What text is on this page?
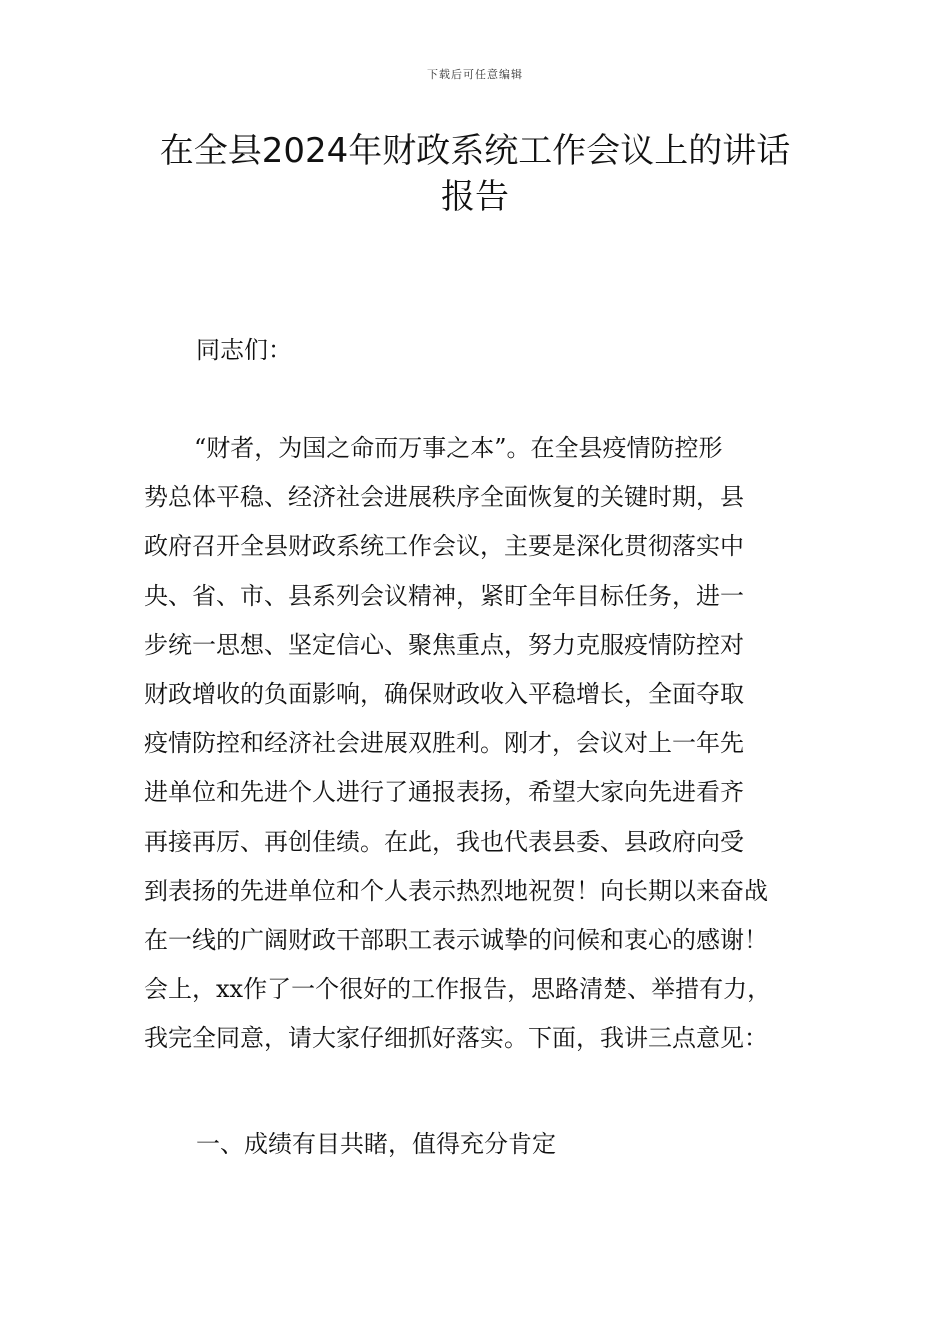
下载后可任意编辑
在全县2024年财政系统工作会议上的讲话
报告
同志们：
“财者，为国之命而万事之本”。在全县疫情防控形
势总体平稳、经济社会进展秩序全面恢复的关键时期，县
政府召开全县财政系统工作会议，主要是深化贯彻落实中
央、省、市、县系列会议精神，紧盯全年目标任务，进一
步统一思想、坚定信心、聚焦重点，努力克服疫情防控对
财政增收的负面影响，确保财政收入平稳增长，全面夺取
疫情防控和经济社会进展双胜利。刚才，会议对上一年先
进单位和先进个人进行了通报表扬，希望大家向先进看齐
再接再厉、再创佳绩。在此，我也代表县委、县政府向受
到表扬的先进单位和个人表示热烈地祝贺！向长期以来奋战
在一线的广阔财政干部职工表示诚挚的问候和衷心的感谢！
会上，xx作了一个很好的工作报告，思路清楚、举措有力，
我完全同意，请大家仔细抓好落实。下面，我讲三点意见：
一、成绩有目共睹，值得充分肯定
